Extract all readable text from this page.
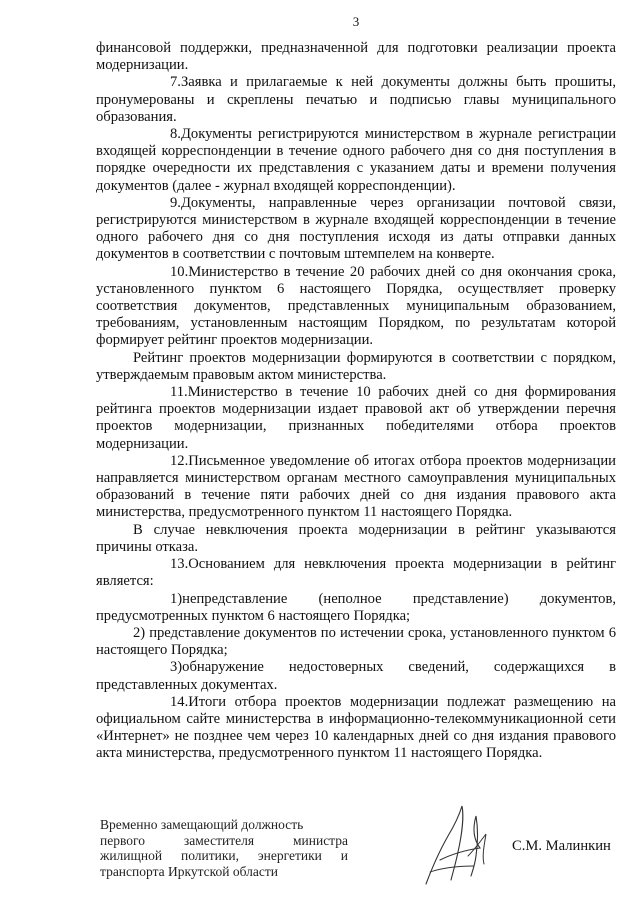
3

финансовой поддержки, предназначенной для подготовки реализации проекта модернизации.

7.Заявка и прилагаемые к ней документы должны быть прошиты, пронумерованы и скреплены печатью и подписью главы муниципального образования.

8.Документы регистрируются министерством в журнале регистрации входящей корреспонденции в течение одного рабочего дня со дня поступления в порядке очередности их представления с указанием даты и времени получения документов (далее - журнал входящей корреспонденции).

9.Документы, направленные через организации почтовой связи, регистрируются министерством в журнале входящей корреспонденции в течение одного рабочего дня со дня поступления исходя из даты отправки данных документов в соответствии с почтовым штемпелем на конверте.

10.Министерство в течение 20 рабочих дней со дня окончания срока, установленного пунктом 6 настоящего Порядка, осуществляет проверку соответствия документов, представленных муниципальным образованием, требованиям, установленным настоящим Порядком, по результатам которой формирует рейтинг проектов модернизации.

Рейтинг проектов модернизации формируются в соответствии с порядком, утверждаемым правовым актом министерства.

11.Министерство в течение 10 рабочих дней со дня формирования рейтинга проектов модернизации издает правовой акт об утверждении перечня проектов модернизации, признанных победителями отбора проектов модернизации.

12.Письменное уведомление об итогах отбора проектов модернизации направляется министерством органам местного самоуправления муниципальных образований в течение пяти рабочих дней со дня издания правового акта министерства, предусмотренного пунктом 11 настоящего Порядка.

В случае невключения проекта модернизации в рейтинг указываются причины отказа.

13.Основанием для невключения проекта модернизации в рейтинг является:

1)непредставление (неполное представление) документов, предусмотренных пунктом 6 настоящего Порядка;

2) представление документов по истечении срока, установленного пунктом 6 настоящего Порядка;

3)обнаружение недостоверных сведений, содержащихся в представленных документах.

14.Итоги отбора проектов модернизации подлежат размещению на официальном сайте министерства в информационно-телекоммуникационной сети «Интернет» не позднее чем через 10 календарных дней со дня издания правового акта министерства, предусмотренного пунктом 11 настоящего Порядка.

Временно замещающий должность
первого заместителя министра
жилищной политики, энергетики и
транспорта Иркутской области
С.М. Малинкин
